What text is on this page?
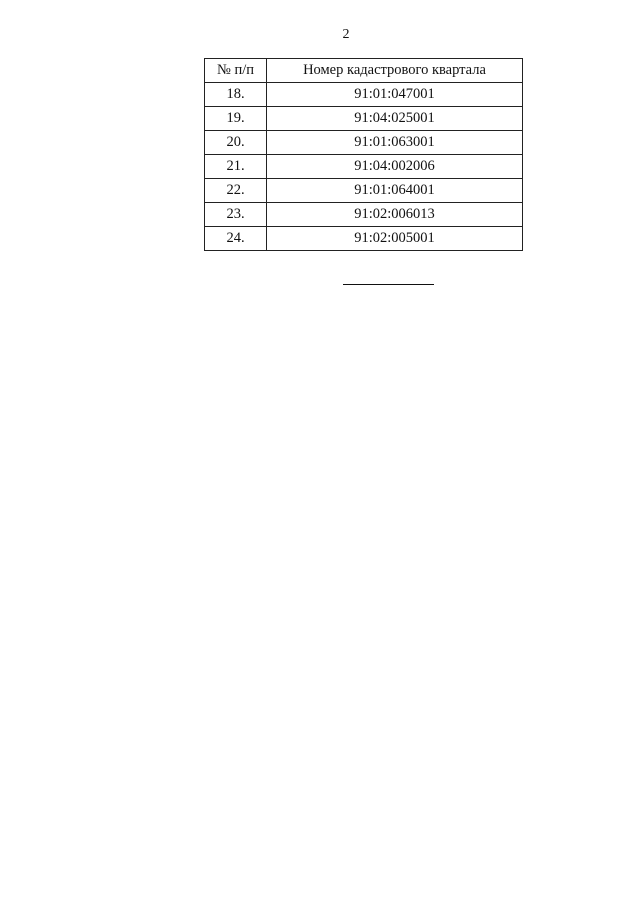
2
№ п/п	Номер кадастрового квартала
18.	91:01:047001
19.	91:04:025001
20.	91:01:063001
21.	91:04:002006
22.	91:01:064001
23.	91:02:006013
24.	91:02:005001
